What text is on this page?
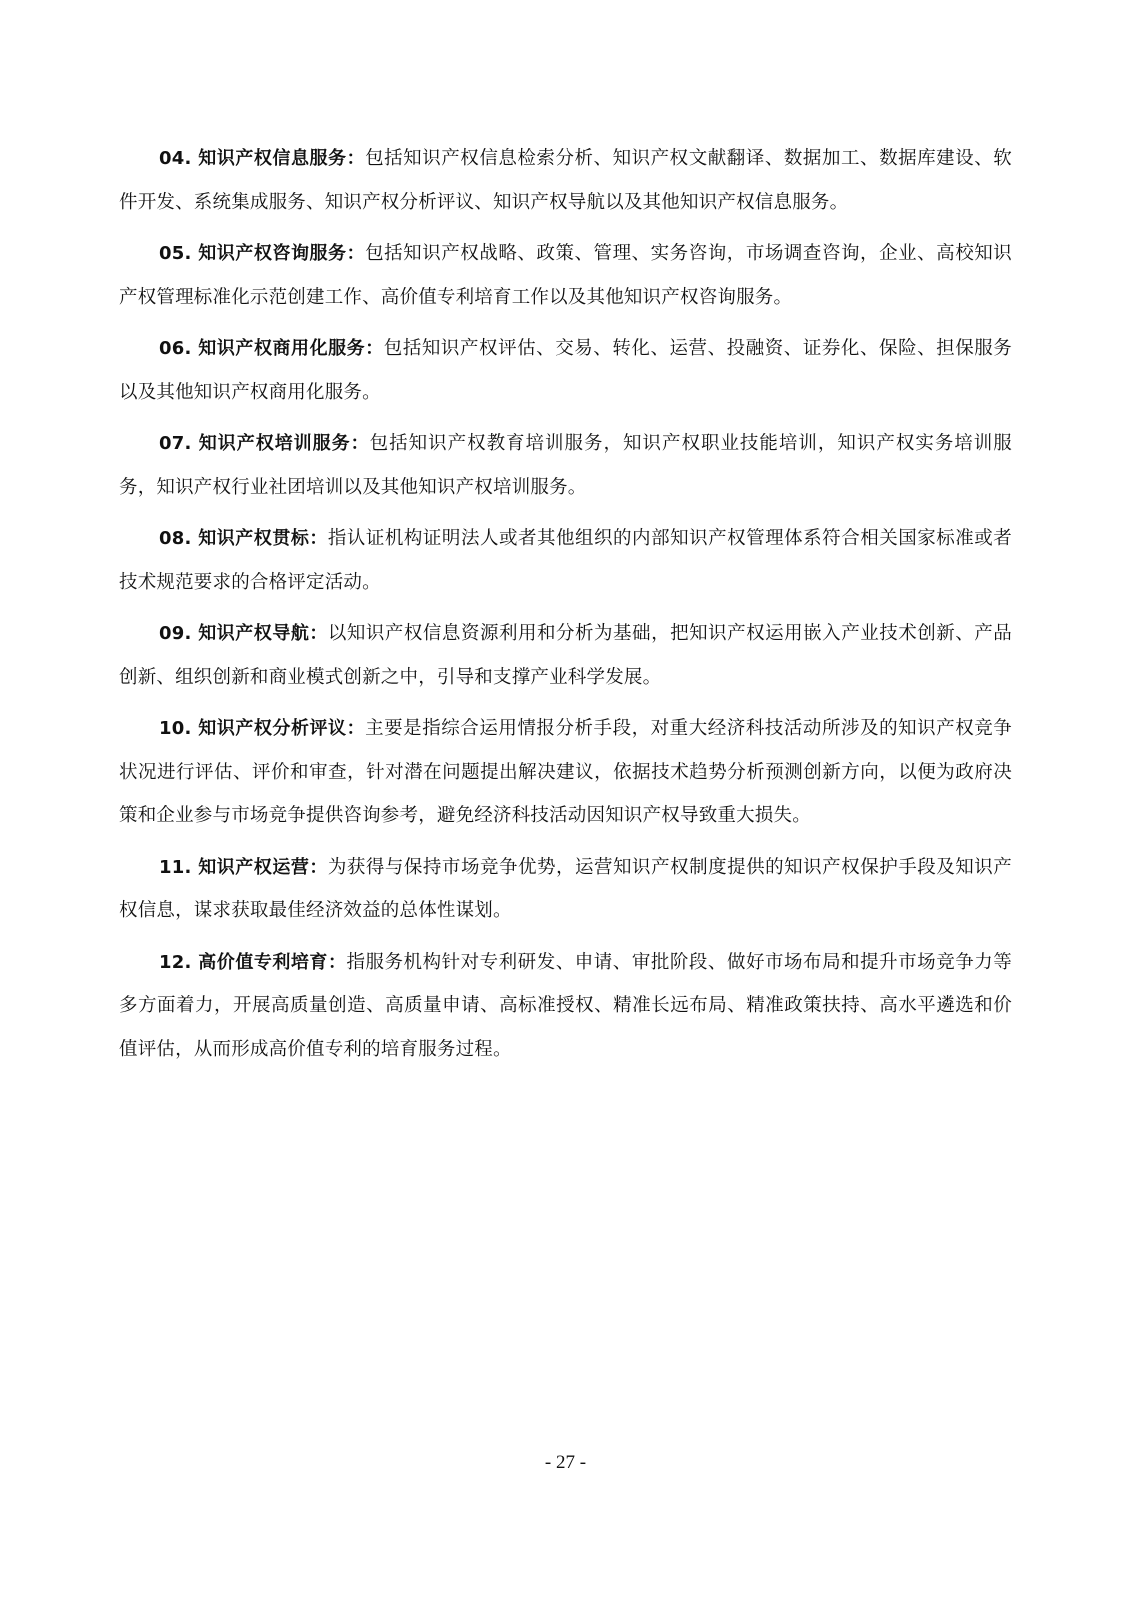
04. 知识产权信息服务：包括知识产权信息检索分析、知识产权文献翻译、数据加工、数据库建设、软件开发、系统集成服务、知识产权分析评议、知识产权导航以及其他知识产权信息服务。

05. 知识产权咨询服务：包括知识产权战略、政策、管理、实务咨询，市场调查咨询，企业、高校知识产权管理标准化示范创建工作、高价值专利培育工作以及其他知识产权咨询服务。

06. 知识产权商用化服务：包括知识产权评估、交易、转化、运营、投融资、证券化、保险、担保服务以及其他知识产权商用化服务。

07. 知识产权培训服务：包括知识产权教育培训服务，知识产权职业技能培训，知识产权实务培训服务，知识产权行业社团培训以及其他知识产权培训服务。

08. 知识产权贯标：指认证机构证明法人或者其他组织的内部知识产权管理体系符合相关国家标准或者技术规范要求的合格评定活动。

09. 知识产权导航：以知识产权信息资源利用和分析为基础，把知识产权运用嵌入产业技术创新、产品创新、组织创新和商业模式创新之中，引导和支撑产业科学发展。

10. 知识产权分析评议：主要是指综合运用情报分析手段，对重大经济科技活动所涉及的知识产权竞争状况进行评估、评价和审查，针对潜在问题提出解决建议，依据技术趋势分析预测创新方向，以便为政府决策和企业参与市场竞争提供咨询参考，避免经济科技活动因知识产权导致重大损失。

11. 知识产权运营：为获得与保持市场竞争优势，运营知识产权制度提供的知识产权保护手段及知识产权信息，谋求获取最佳经济效益的总体性谋划。

12. 高价值专利培育：指服务机构针对专利研发、申请、审批阶段、做好市场布局和提升市场竞争力等多方面着力，开展高质量创造、高质量申请、高标准授权、精准长远布局、精准政策扶持、高水平遴选和价值评估，从而形成高价值专利的培育服务过程。

- 27 -
